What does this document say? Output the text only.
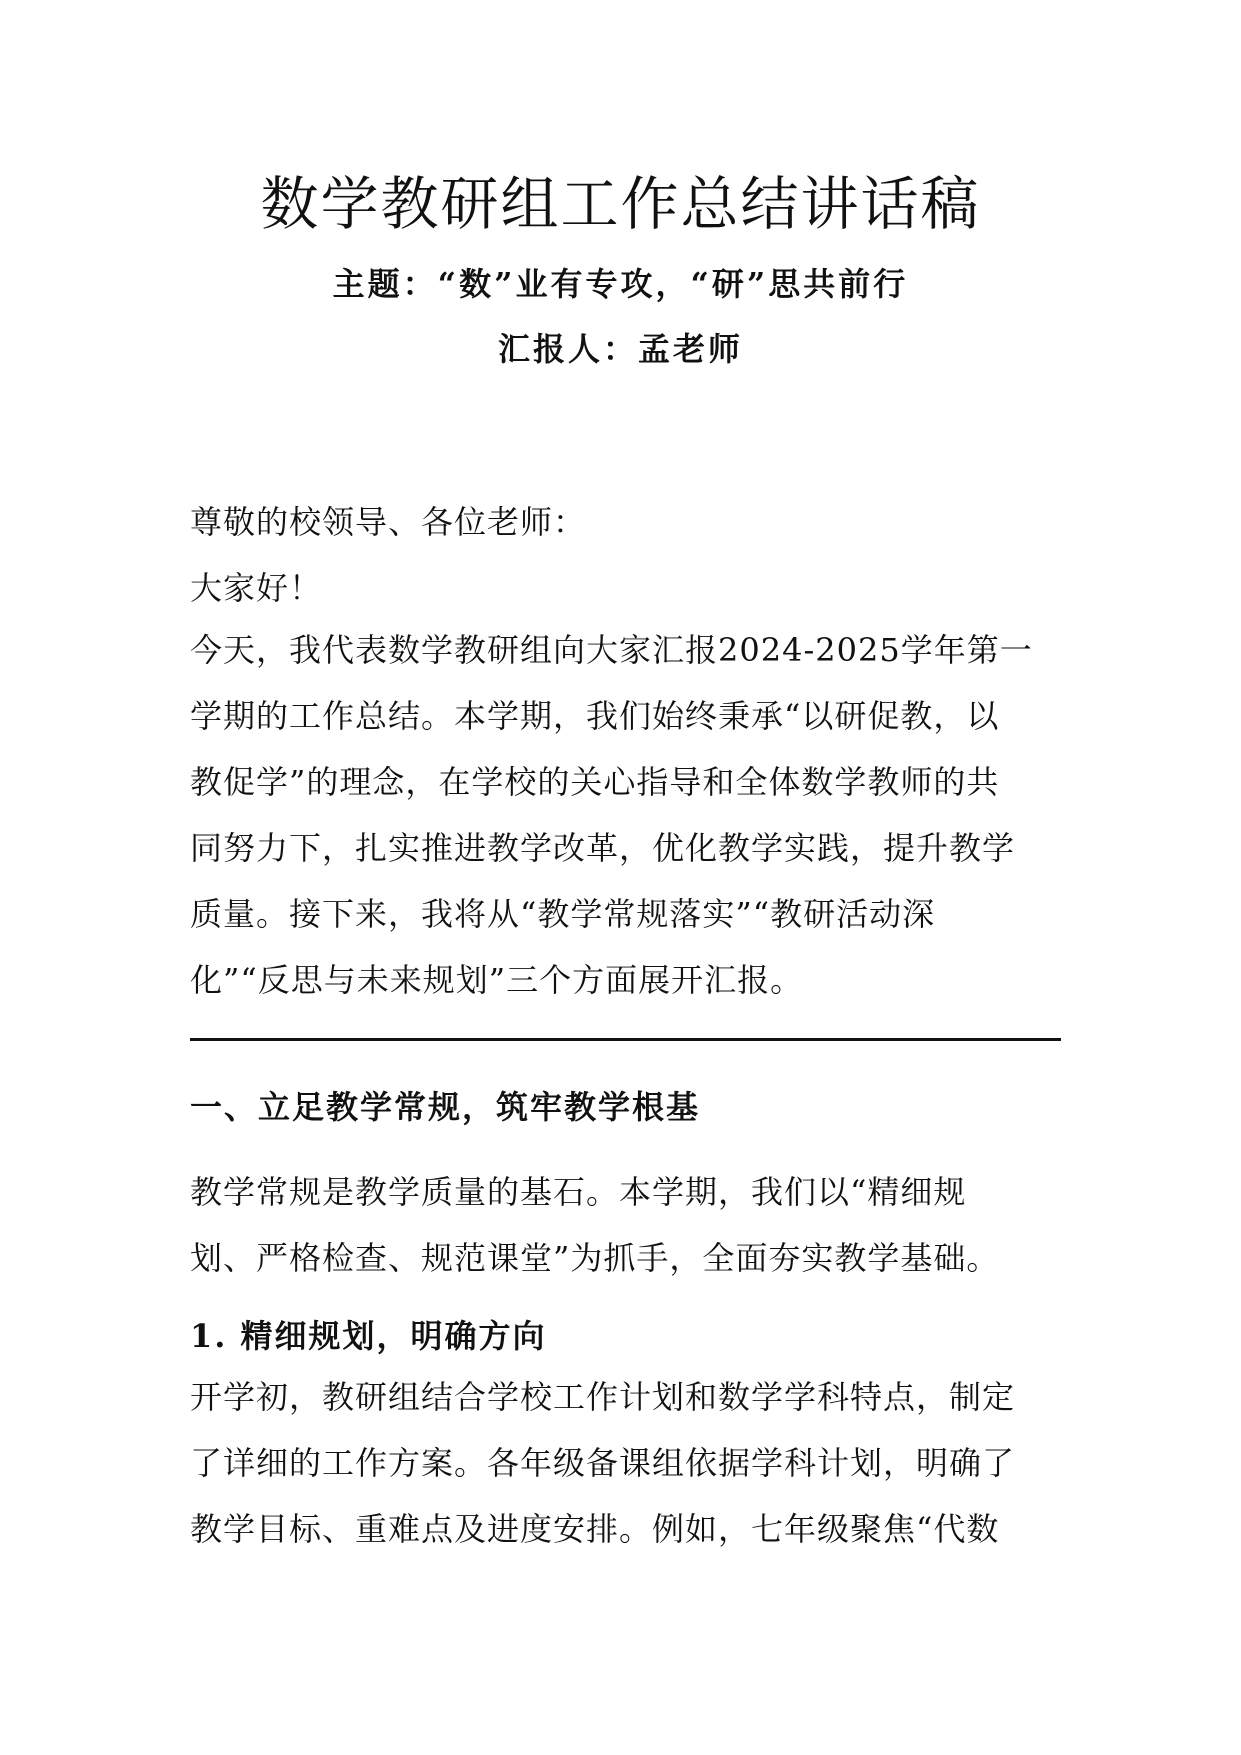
数学教研组工作总结讲话稿
主题：“数”业有专攻，“研”思共前行
汇报人：孟老师
尊敬的校领导、各位老师：
大家好！
今天，我代表数学教研组向大家汇报2024-2025学年第一
学期的工作总结。本学期，我们始终秉承“以研促教，以
教促学”的理念，在学校的关心指导和全体数学教师的共
同努力下，扎实推进教学改革，优化教学实践，提升教学
质量。接下来，我将从“教学常规落实”“教研活动深
化”“反思与未来规划”三个方面展开汇报。
一、立足教学常规，筑牢教学根基
教学常规是教学质量的基石。本学期，我们以“精细规
划、严格检查、规范课堂”为抓手，全面夯实教学基础。
1. 精细规划，明确方向
开学初，教研组结合学校工作计划和数学学科特点，制定
了详细的工作方案。各年级备课组依据学科计划，明确了
教学目标、重难点及进度安排。例如，七年级聚焦“代数
